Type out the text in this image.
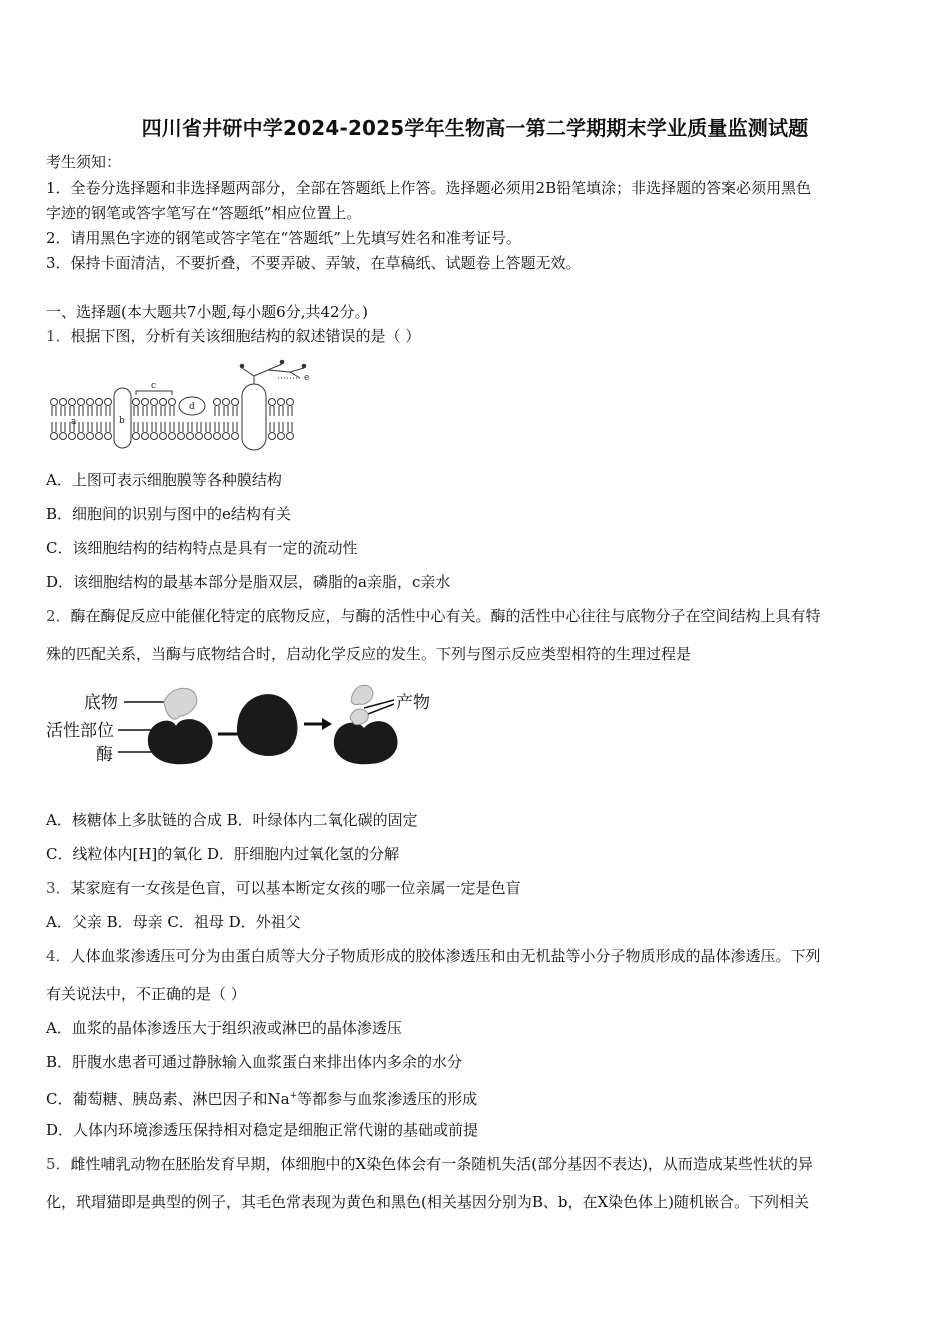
四川省井研中学2024-2025学年生物高一第二学期期末学业质量监测试题
考生须知：
1．全卷分选择题和非选择题两部分，全部在答题纸上作答。选择题必须用2B铅笔填涂；非选择题的答案必须用黑色
字迹的钢笔或答字笔写在“答题纸”相应位置上。
2．请用黑色字迹的钢笔或答字笔在“答题纸”上先填写姓名和准考证号。
3．保持卡面清洁，不要折叠，不要弄破、弄皱，在草稿纸、试题卷上答题无效。
一、选择题(本大题共7小题,每小题6分,共42分。)
1．根据下图，分析有关该细胞结构的叙述错误的是（ ）
a	b
c
d
e
A．上图可表示细胞膜等各种膜结构
B．细胞间的识别与图中的e结构有关
C．该细胞结构的结构特点是具有一定的流动性
D．该细胞结构的最基本部分是脂双层，磷脂的a亲脂，c亲水
2．酶在酶促反应中能催化特定的底物反应，与酶的活性中心有关。酶的活性中心往往与底物分子在空间结构上具有特
殊的匹配关系，当酶与底物结合时，启动化学反应的发生。下列与图示反应类型相符的生理过程是
底物
活性部位
酶
产物
A．核糖体上多肽链的合成 B．叶绿体内二氧化碳的固定
C．线粒体内[H]的氧化 D．肝细胞内过氧化氢的分解
3．某家庭有一女孩是色盲，可以基本断定女孩的哪一位亲属一定是色盲
A．父亲 B．母亲 C．祖母 D．外祖父
4．人体血浆渗透压可分为由蛋白质等大分子物质形成的胶体渗透压和由无机盐等小分子物质形成的晶体渗透压。下列
有关说法中，不正确的是（ ）
A．血浆的晶体渗透压大于组织液或淋巴的晶体渗透压
B．肝腹水患者可通过静脉输入血浆蛋白来排出体内多余的水分
C．葡萄糖、胰岛素、淋巴因子和Na+等都参与血浆渗透压的形成
D．人体内环境渗透压保持相对稳定是细胞正常代谢的基础或前提
5．雌性哺乳动物在胚胎发育早期，体细胞中的X染色体会有一条随机失活(部分基因不表达)，从而造成某些性状的异
化，玳瑁猫即是典型的例子，其毛色常表现为黄色和黑色(相关基因分别为B、b，在X染色体上)随机嵌合。下列相关
